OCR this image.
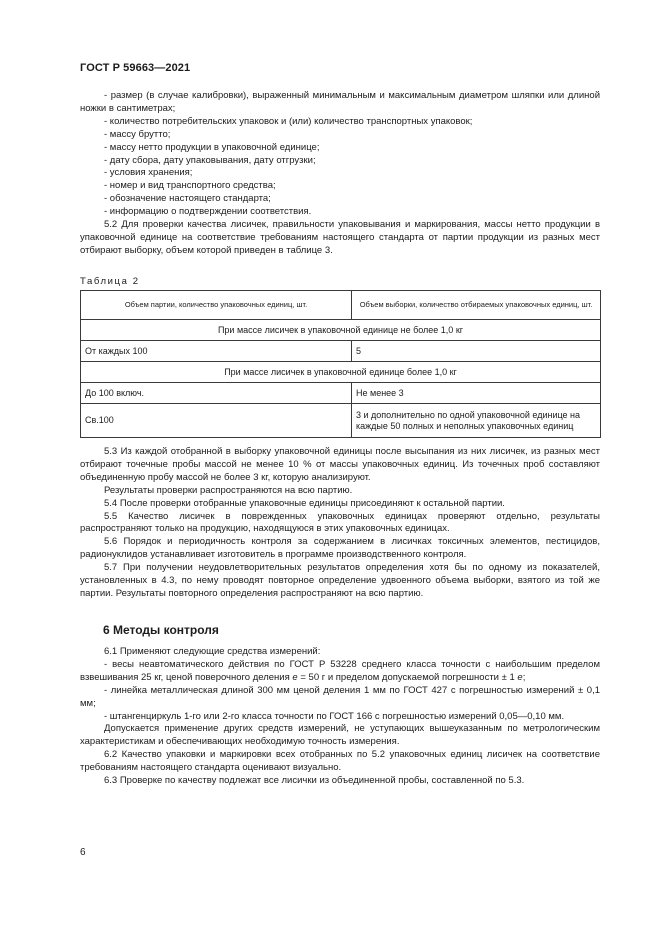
ГОСТ Р 59663—2021

- размер (в случае калибровки), выраженный минимальным и максимальным диаметром шляпки или длиной ножки в сантиметрах;

- количество потребительских упаковок и (или) количество транспортных упаковок;

- массу брутто;

- массу нетто продукции в упаковочной единице;

- дату сбора, дату упаковывания, дату отгрузки;

- условия хранения;

- номер и вид транспортного средства;

- обозначение настоящего стандарта;

- информацию о подтверждении соответствия.

5.2 Для проверки качества лисичек, правильности упаковывания и маркирования, массы нетто продукции в упаковочной единице на соответствие требованиям настоящего стандарта от партии продукции из разных мест отбирают выборку, объем которой приведен в таблице 3.

Таблица 2
Объем партии, количество упаковочных единиц, шт.	Объем выборки, количество отбираемых упаковочных единиц, шт.
При массе лисичек в упаковочной единице не более 1,0 кг	
От каждых 100	5
При массе лисичек в упаковочной единице более 1,0 кг	
До 100 включ.	Не менее 3
Св.100	3 и дополнительно по одной упаковочной единице на каждые 50 полных и неполных упаковочных единиц

5.3 Из каждой отобранной в выборку упаковочной единицы после высыпания из них лисичек, из разных мест отбирают точечные пробы массой не менее 10 % от массы упаковочных единиц. Из точечных проб составляют объединенную пробу массой не более 3 кг, которую анализируют.

Результаты проверки распространяются на всю партию.

5.4 После проверки отобранные упаковочные единицы присоединяют к остальной партии.

5.5 Качество лисичек в поврежденных упаковочных единицах проверяют отдельно, результаты распространяют только на продукцию, находящуюся в этих упаковочных единицах.

5.6 Порядок и периодичность контроля за содержанием в лисичках токсичных элементов, пестицидов, радионуклидов устанавливает изготовитель в программе производственного контроля.

5.7 При получении неудовлетворительных результатов определения хотя бы по одному из показателей, установленных в 4.3, по нему проводят повторное определение удвоенного объема выборки, взятого из той же партии. Результаты повторного определения распространяют на всю партию.

6 Методы контроля

6.1 Применяют следующие средства измерений:

- весы неавтоматического действия по ГОСТ Р 53228 среднего класса точности с наибольшим пределом взвешивания 25 кг, ценой поверочного деления е = 50 г и пределом допускаемой погрешности ± 1 е;

- линейка металлическая длиной 300 мм ценой деления 1 мм по ГОСТ 427 с погрешностью измерений ± 0,1 мм;

- штангенциркуль 1-го или 2-го класса точности по ГОСТ 166 с погрешностью измерений 0,05—0,10 мм.

Допускается применение других средств измерений, не уступающих вышеуказанным по метрологическим характеристикам и обеспечивающих необходимую точность измерения.

6.2 Качество упаковки и маркировки всех отобранных по 5.2 упаковочных единиц лисичек на соответствие требованиям настоящего стандарта оценивают визуально.

6.3 Проверке по качеству подлежат все лисички из объединенной пробы, составленной по 5.3.

6
